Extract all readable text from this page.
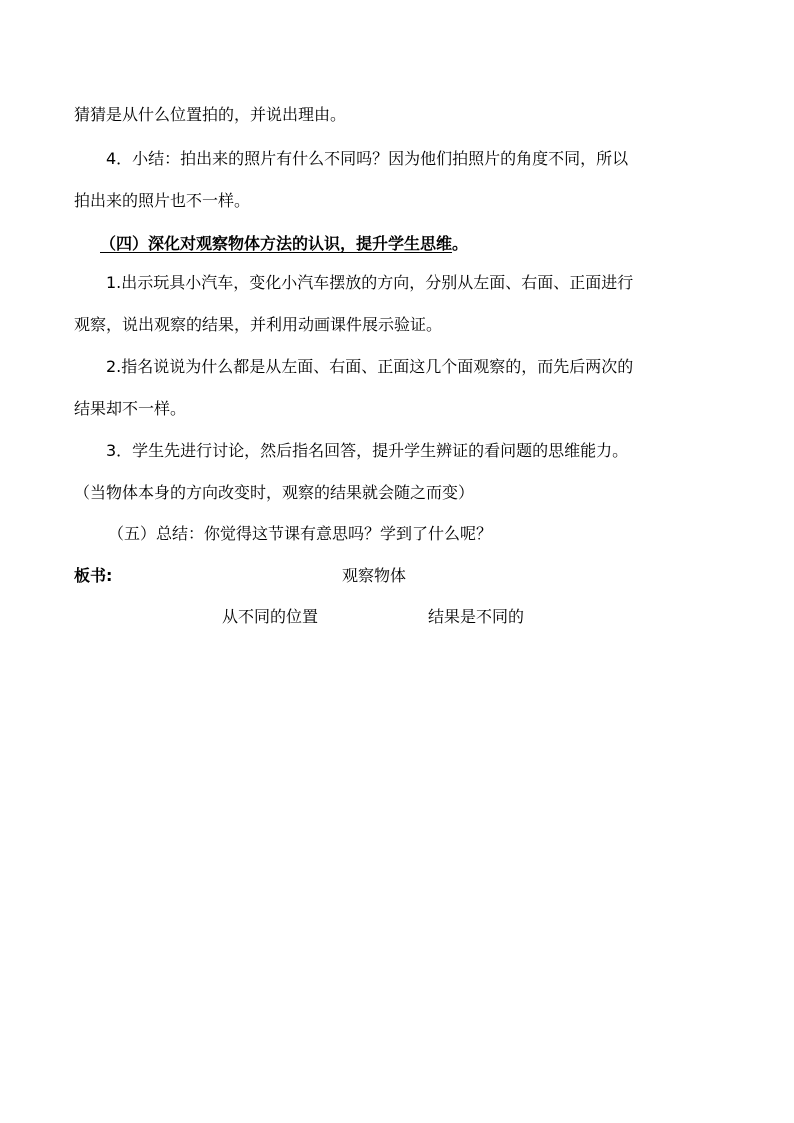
猜猜是从什么位置拍的，并说出理由。
4．小结：拍出来的照片有什么不同吗？因为他们拍照片的角度不同，所以
拍出来的照片也不一样。
（四）深化对观察物体方法的认识，提升学生思维。
1.出示玩具小汽车，变化小汽车摆放的方向，分别从左面、右面、正面进行
观察，说出观察的结果，并利用动画课件展示验证。
2.指名说说为什么都是从左面、右面、正面这几个面观察的，而先后两次的
结果却不一样。
3．学生先进行讨论，然后指名回答，提升学生辨证的看问题的思维能力。
（当物体本身的方向改变时，观察的结果就会随之而变）
（五）总结：你觉得这节课有意思吗？学到了什么呢？
板书:	观察物体
从不同的位置	结果是不同的
